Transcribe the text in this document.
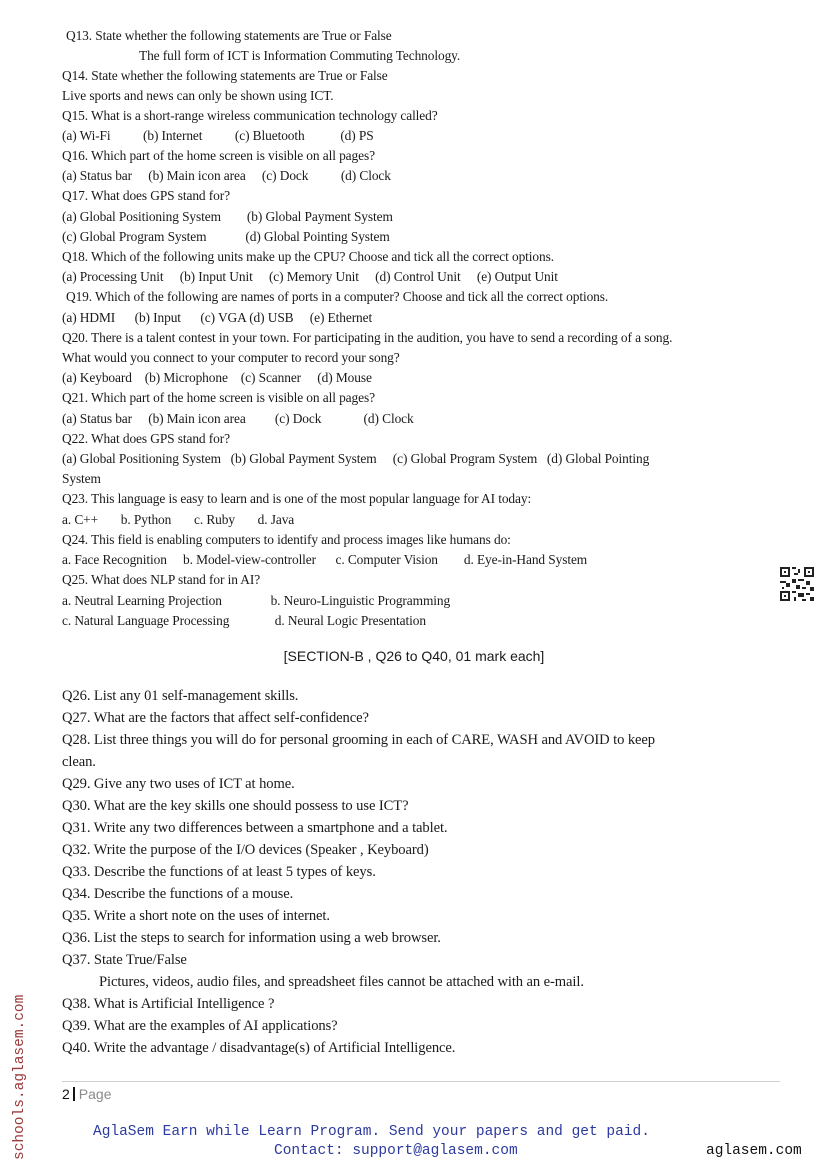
Q13. State whether the following statements are True or False
The full form of ICT is Information Commuting Technology.
Q14. State whether the following statements are True or False
Live sports and news can only be shown using ICT.
Q15. What is a short-range wireless communication technology called?
(a) Wi-Fi          (b) Internet          (c) Bluetooth           (d) PS
Q16. Which part of the home screen is visible on all pages?
(a) Status bar     (b) Main icon area     (c) Dock          (d) Clock
Q17. What does GPS stand for?
(a) Global Positioning System        (b) Global Payment System
(c) Global Program System            (d) Global Pointing System
Q18. Which of the following units make up the CPU? Choose and tick all the correct options.
(a) Processing Unit     (b) Input Unit     (c) Memory Unit     (d) Control Unit     (e) Output Unit
Q19. Which of the following are names of ports in a computer? Choose and tick all the correct options.
(a) HDMI      (b) Input      (c) VGA (d) USB     (e) Ethernet
Q20. There is a talent contest in your town. For participating in the audition, you have to send a recording of a song.
What would you connect to your computer to record your song?
(a) Keyboard    (b) Microphone    (c) Scanner     (d) Mouse
Q21. Which part of the home screen is visible on all pages?
(a) Status bar     (b) Main icon area         (c) Dock             (d) Clock
Q22. What does GPS stand for?
(a) Global Positioning System   (b) Global Payment System     (c) Global Program System   (d) Global Pointing
System
Q23. This language is easy to learn and is one of the most popular language for AI today:
a. C++       b. Python       c. Ruby       d. Java
Q24. This field is enabling computers to identify and process images like humans do:
a. Face Recognition     b. Model-view-controller      c. Computer Vision        d. Eye-in-Hand System
Q25. What does NLP stand for in AI?
a. Neutral Learning Projection               b. Neuro-Linguistic Programming
c. Natural Language Processing              d. Neural Logic Presentation
[SECTION-B , Q26 to Q40, 01 mark each]
Q26. List any 01 self-management skills.
Q27. What are the factors that affect self-confidence?
Q28. List three things you will do for personal grooming in each of CARE, WASH and AVOID to keep
clean.
Q29. Give any two uses of ICT at home.
Q30. What are the key skills one should possess to use ICT?
Q31. Write any two differences between a smartphone and a tablet.
Q32. Write the purpose of the I/O devices (Speaker , Keyboard)
Q33. Describe the functions of at least 5 types of keys.
Q34. Describe the functions of a mouse.
Q35. Write a short note on the uses of internet.
Q36. List the steps to search for information using a web browser.
Q37. State True/False
Pictures, videos, audio files, and spreadsheet files cannot be attached with an e-mail.
Q38. What is Artificial Intelligence ?
Q39. What are the examples of AI applications?
Q40. Write the advantage / disadvantage(s) of Artificial Intelligence.
2 Page
AglaSem Earn while Learn Program. Send your papers and get paid.
Contact: support@aglasem.com	aglasem.com
schools.aglasem.com
